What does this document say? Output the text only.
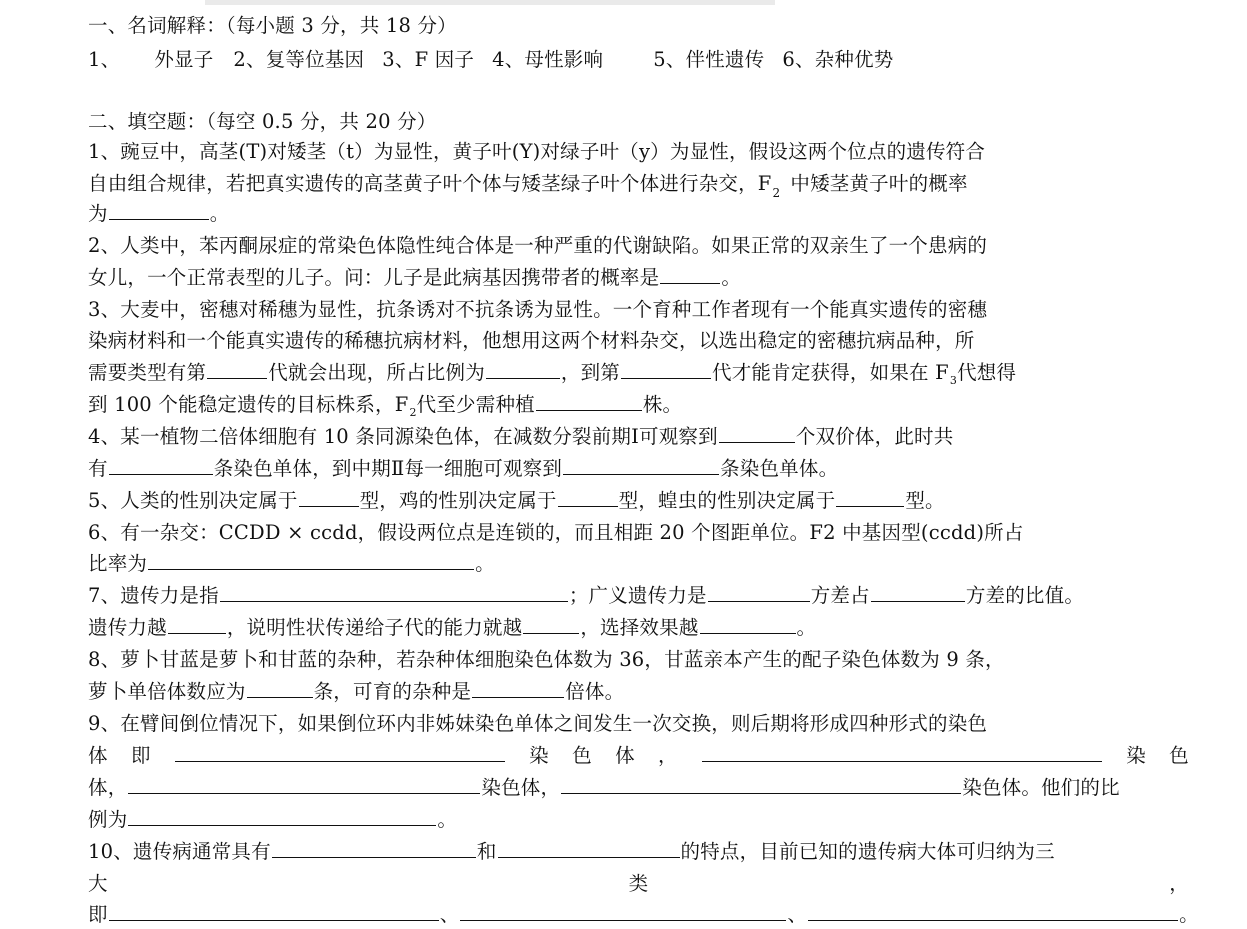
一、名词解释：（每小题 3 分，共 18 分）
1、 外显子 2、复等位基因 3、F 因子 4、母性影响	5、伴性遗传 6、杂种优势
二、填空题：（每空 0.5 分，共 20 分）
1、豌豆中，高茎(T)对矮茎（t）为显性，黄子叶(Y)对绿子叶（y）为显性，假设这两个位点的遗传符合
自由组合规律，若把真实遗传的高茎黄子叶个体与矮茎绿子叶个体进行杂交，$F_2$ 中矮茎黄子叶的概率
为	。
2、人类中，苯丙酮尿症的常染色体隐性纯合体是一种严重的代谢缺陷。如果正常的双亲生了一个患病的
女儿，一个正常表型的儿子。问：儿子是此病基因携带者的概率是	。
3、大麦中，密穗对稀穗为显性，抗条诱对不抗条诱为显性。一个育种工作者现有一个能真实遗传的密穗
染病材料和一个能真实遗传的稀穗抗病材料，他想用这两个材料杂交，以选出稳定的密穗抗病品种，所
需要类型有第	代就会出现，所占比例为	，到第	代才能肯定获得，如果在 $F_3$代想得
到 100 个能稳定遗传的目标株系，$F_2$代至少需种植	株。
4、某一植物二倍体细胞有 10 条同源染色体，在减数分裂前期Ⅰ可观察到	个双价体，此时共
有	条染色单体，到中期Ⅱ每一细胞可观察到	条染色单体。
5、人类的性别决定属于	型，鸡的性别决定属于	型，蝗虫的性别决定属于	型。
6、有一杂交：CCDD × ccdd，假设两位点是连锁的，而且相距 20 个图距单位。F2 中基因型(ccdd)所占
比率为	。
7、遗传力是指	；广义遗传力是	方差占	方差的比值。
遗传力越	，说明性状传递给子代的能力就越	，选择效果越	。
8、萝卜甘蓝是萝卜和甘蓝的杂种，若杂种体细胞染色体数为 36，甘蓝亲本产生的配子染色体数为 9 条，
萝卜单倍体数应为	条，可育的杂种是	倍体。
9、在臂间倒位情况下，如果倒位环内非姊妹染色单体之间发生一次交换，则后期将形成四种形式的染色
体 即	染 色 体 ，	染 色
体，	染色体，	染色体。他们的比
例为	。
10、遗传病通常具有	和	的特点，目前已知的遗传病大体可归纳为三
大	类	，
即	、	、	。
